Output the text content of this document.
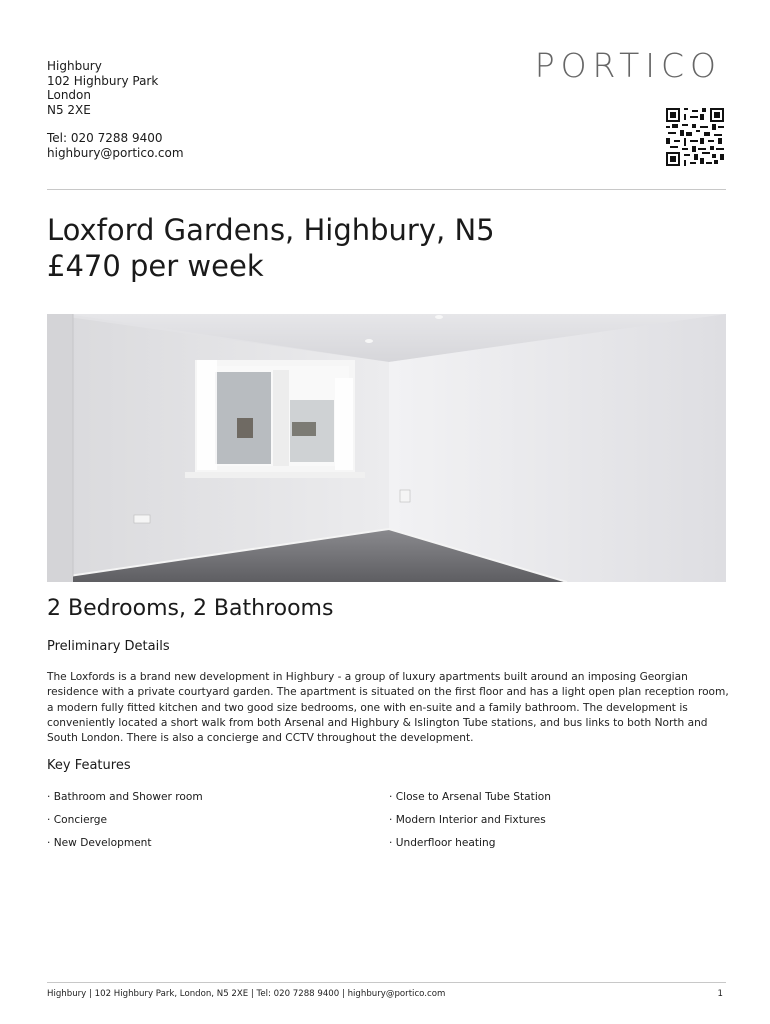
Highbury
102 Highbury Park
London
N5 2XE
Tel: 020 7288 9400
highbury@portico.com
PORTICO
Loxford Gardens, Highbury, N5
£470 per week
2 Bedrooms, 2 Bathrooms
Preliminary Details

The Loxfords is a brand new development in Highbury - a group of luxury apartments built around an imposing Georgian residence with a private courtyard garden. The apartment is situated on the first floor and has a light open plan reception room, a modern fully fitted kitchen and two good size bedrooms, one with en-suite and a family bathroom. The development is conveniently located a short walk from both Arsenal and Highbury & Islington Tube stations, and bus links to both North and South London. There is also a concierge and CCTV throughout the development.

Key Features
· Bathroom and Shower room
· Concierge
· New Development
· Close to Arsenal Tube Station
· Modern Interior and Fixtures
· Underfloor heating
Highbury | 102 Highbury Park, London, N5 2XE | Tel: 020 7288 9400 | highbury@portico.com	1
